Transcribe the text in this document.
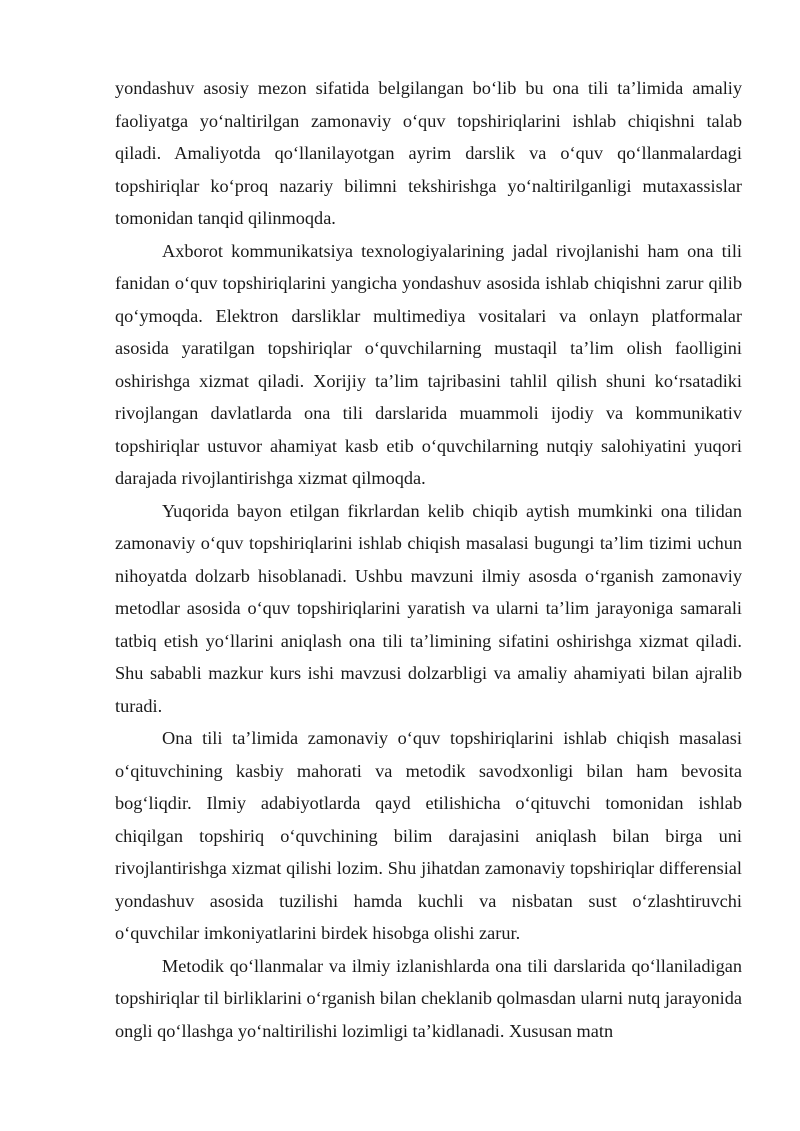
yondashuv asosiy mezon sifatida belgilangan bo‘lib bu ona tili ta’limida amaliy faoliyatga yo‘naltirilgan zamonaviy o‘quv topshiriqlarini ishlab chiqishni talab qiladi. Amaliyotda qo‘llanilayotgan ayrim darslik va o‘quv qo‘llanmalardagi topshiriqlar ko‘proq nazariy bilimni tekshirishga yo‘naltirilganligi mutaxassislar tomonidan tanqid qilinmoqda.

Axborot kommunikatsiya texnologiyalarining jadal rivojlanishi ham ona tili fanidan o‘quv topshiriqlarini yangicha yondashuv asosida ishlab chiqishni zarur qilib qo‘ymoqda. Elektron darsliklar multimediya vositalari va onlayn platformalar asosida yaratilgan topshiriqlar o‘quvchilarning mustaqil ta’lim olish faolligini oshirishga xizmat qiladi. Xorijiy ta’lim tajribasini tahlil qilish shuni ko‘rsatadiki rivojlangan davlatlarda ona tili darslarida muammoli ijodiy va kommunikativ topshiriqlar ustuvor ahamiyat kasb etib o‘quvchilarning nutqiy salohiyatini yuqori darajada rivojlantirishga xizmat qilmoqda.

Yuqorida bayon etilgan fikrlardan kelib chiqib aytish mumkinki ona tilidan zamonaviy o‘quv topshiriqlarini ishlab chiqish masalasi bugungi ta’lim tizimi uchun nihoyatda dolzarb hisoblanadi. Ushbu mavzuni ilmiy asosda o‘rganish zamonaviy metodlar asosida o‘quv topshiriqlarini yaratish va ularni ta’lim jarayoniga samarali tatbiq etish yo‘llarini aniqlash ona tili ta’limining sifatini oshirishga xizmat qiladi. Shu sababli mazkur kurs ishi mavzusi dolzarbligi va amaliy ahamiyati bilan ajralib turadi.

Ona tili ta’limida zamonaviy o‘quv topshiriqlarini ishlab chiqish masalasi o‘qituvchining kasbiy mahorati va metodik savodxonligi bilan ham bevosita bog‘liqdir. Ilmiy adabiyotlarda qayd etilishicha o‘qituvchi tomonidan ishlab chiqilgan topshiriq o‘quvchining bilim darajasini aniqlash bilan birga uni rivojlantirishga xizmat qilishi lozim. Shu jihatdan zamonaviy topshiriqlar differensial yondashuv asosida tuzilishi hamda kuchli va nisbatan sust o‘zlashtiruvchi o‘quvchilar imkoniyatlarini birdek hisobga olishi zarur.

Metodik qo‘llanmalar va ilmiy izlanishlarda ona tili darslarida qo‘llaniladigan topshiriqlar til birliklarini o‘rganish bilan cheklanib qolmasdan ularni nutq jarayonida ongli qo‘llashga yo‘naltirilishi lozimligi ta’kidlanadi. Xususan matn
